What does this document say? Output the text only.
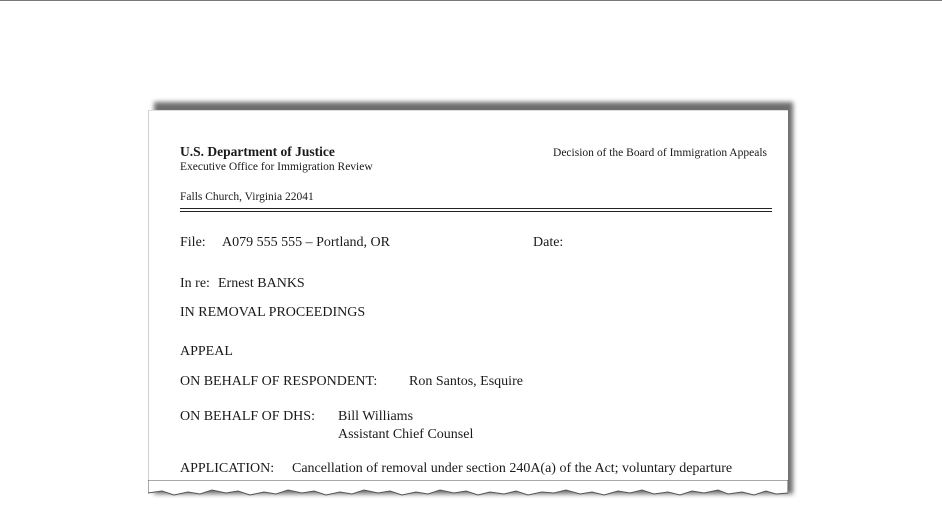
U.S. Department of Justice
Executive Office for Immigration Review
Decision of the Board of Immigration Appeals
Falls Church, Virginia 22041
File: A079 555 555 – Portland, OR	Date:
In re: Ernest BANKS
IN REMOVAL PROCEEDINGS
APPEAL
ON BEHALF OF RESPONDENT: Ron Santos, Esquire
ON BEHALF OF DHS: Bill Williams
Assistant Chief Counsel
APPLICATION: Cancellation of removal under section 240A(a) of the Act; voluntary departure
